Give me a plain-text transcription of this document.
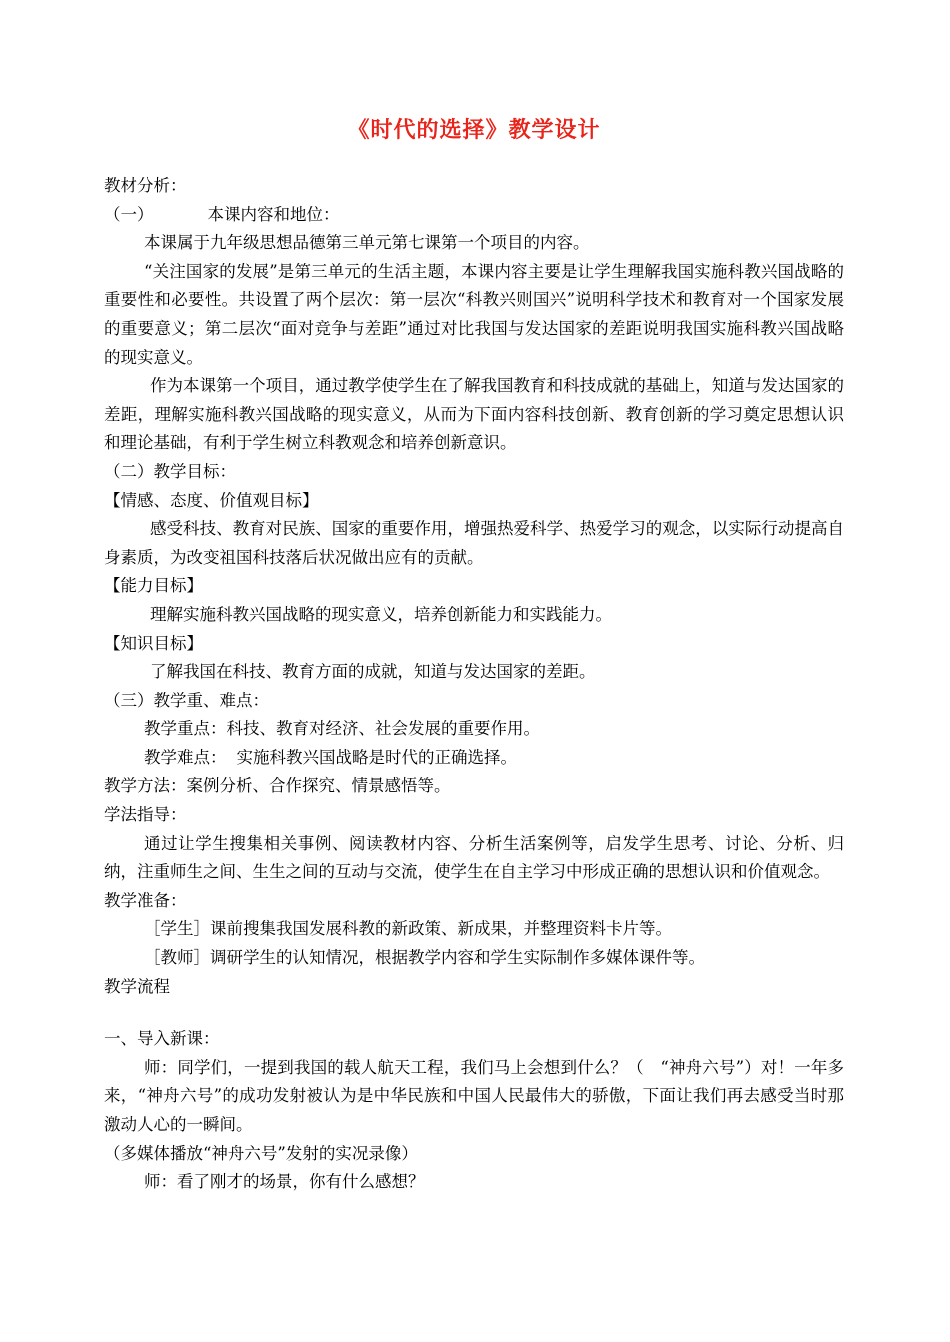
《时代的选择》教学设计

教材分析：

（一）	本课内容和地位：

本课属于九年级思想品德第三单元第七课第一个项目的内容。

“关注国家的发展”是第三单元的生活主题，本课内容主要是让学生理解我国实施科教兴国战略的重要性和必要性。共设置了两个层次：第一层次“科教兴则国兴”说明科学技术和教育对一个国家发展的重要意义；第二层次“面对竞争与差距”通过对比我国与发达国家的差距说明我国实施科教兴国战略的现实意义。

作为本课第一个项目，通过教学使学生在了解我国教育和科技成就的基础上，知道与发达国家的差距，理解实施科教兴国战略的现实意义，从而为下面内容科技创新、教育创新的学习奠定思想认识和理论基础，有利于学生树立科教观念和培养创新意识。

（二）教学目标：

【情感、态度、价值观目标】

感受科技、教育对民族、国家的重要作用，增强热爱科学、热爱学习的观念，以实际行动提高自身素质，为改变祖国科技落后状况做出应有的贡献。

【能力目标】

理解实施科教兴国战略的现实意义，培养创新能力和实践能力。

【知识目标】

了解我国在科技、教育方面的成就，知道与发达国家的差距。

（三）教学重、难点：

教学重点：科技、教育对经济、社会发展的重要作用。

教学难点： 实施科教兴国战略是时代的正确选择。

教学方法：案例分析、合作探究、情景感悟等。

学法指导：

通过让学生搜集相关事例、阅读教材内容、分析生活案例等，启发学生思考、讨论、分析、归纳，注重师生之间、生生之间的互动与交流，使学生在自主学习中形成正确的思想认识和价值观念。

教学准备：

［学生］课前搜集我国发展科教的新政策、新成果，并整理资料卡片等。

［教师］调研学生的认知情况，根据教学内容和学生实际制作多媒体课件等。

教学流程

一、导入新课：

师：同学们，一提到我国的载人航天工程，我们马上会想到什么？（　“神舟六号”）对！一年多来，“神舟六号”的成功发射被认为是中华民族和中国人民最伟大的骄傲，下面让我们再去感受当时那激动人心的一瞬间。

（多媒体播放“神舟六号”发射的实况录像）

师：看了刚才的场景，你有什么感想？
